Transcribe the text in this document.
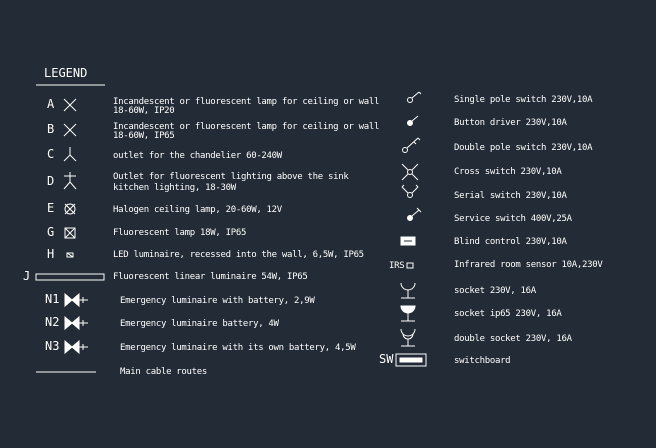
LEGEND
A
B
C
D
E
G
H
J
N1
N2
N3
Incandescent or fluorescent lamp for ceiling or wall
18-60W, IP20
Incandescent or fluorescent lamp for ceiling or wall
18-60W, IP65
outlet for the chandelier 60-240W
Outlet for fluorescent lighting above the sink
kitchen lighting, 18-30W
Halogen ceiling lamp, 20-60W, 12V
Fluorescent lamp 18W, IP65
LED luminaire, recessed into the wall, 6,5W, IP65
Fluorescent linear luminaire 54W, IP65
Emergency luminaire with battery, 2,9W
Emergency luminaire battery, 4W
Emergency luminaire with its own battery, 4,5W
Main cable routes
IRS
SW
Single pole switch 230V,10A
Button driver 230V,10A
Double pole switch 230V,10A
Cross switch 230V,10A
Serial switch 230V,10A
Service switch 400V,25A
Blind control 230V,10A
Infrared room sensor 10A,230V
socket 230V, 16A
socket ip65 230V, 16A
double socket 230V, 16A
switchboard
